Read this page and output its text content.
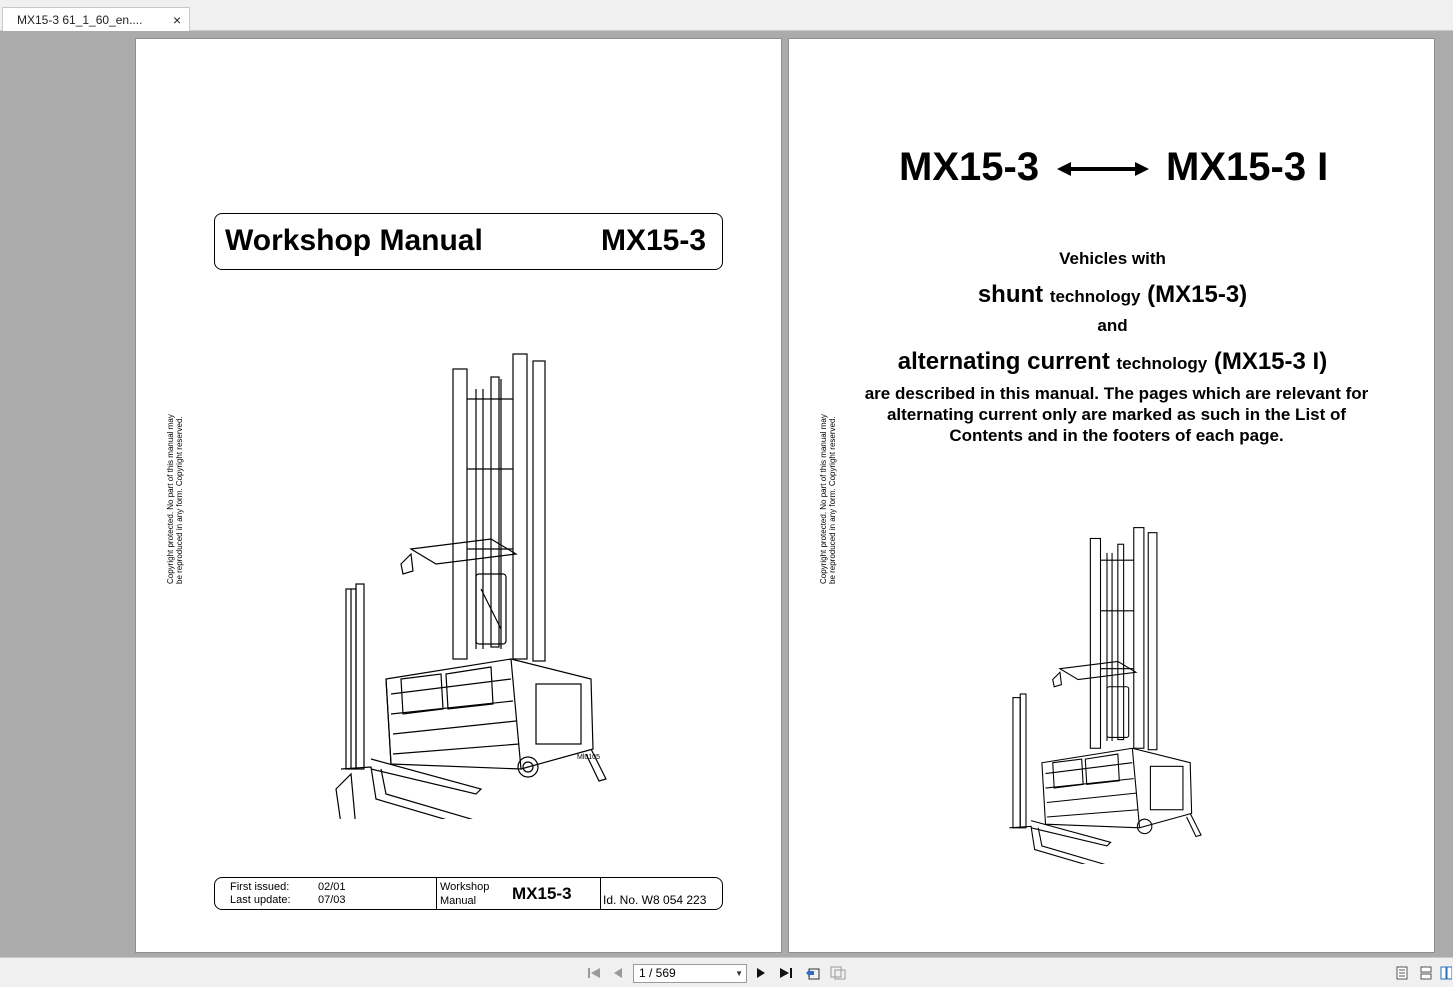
MX15-3 61_1_60_en....	×
Copyright protected. No part of this manual may be reproduced in any form. Copyright reserved.
Workshop Manual	MX15-3
Ml0105
First issued:	02/01
Last update: 07/03
Workshop
Manual MX15-3	Id. No. W8 054 223
Copyright protected. No part of this manual may be reproduced in any form. Copyright reserved.
MX15-3	MX15-3 I
Vehicles with
shunt technology (MX15-3)
and
alternating current technology (MX15-3 I)
are described in this manual. The pages which are relevant for alternating current only are marked as such in the List of Contents and in the footers of each page.
1 / 569	▼
